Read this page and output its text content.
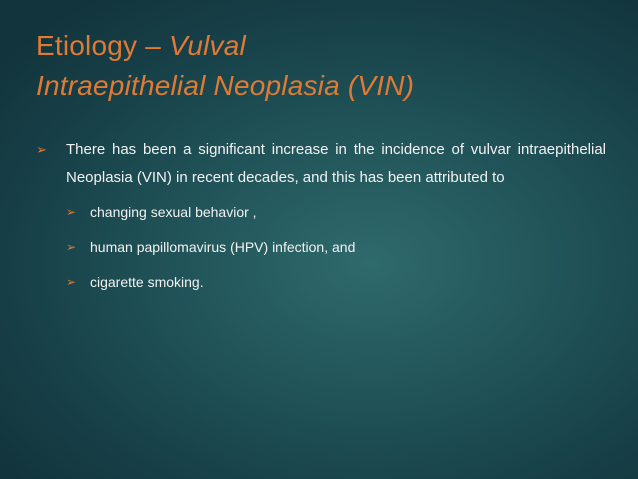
Etiology – Vulval
Intraepithelial Neoplasia (VIN)
➢	There has been a significant increase in the incidence of vulvar intraepithelial Neoplasia (VIN) in recent decades, and this has been attributed to
➢ changing sexual behavior ,
➢ human papillomavirus (HPV) infection, and
➢ cigarette smoking.
